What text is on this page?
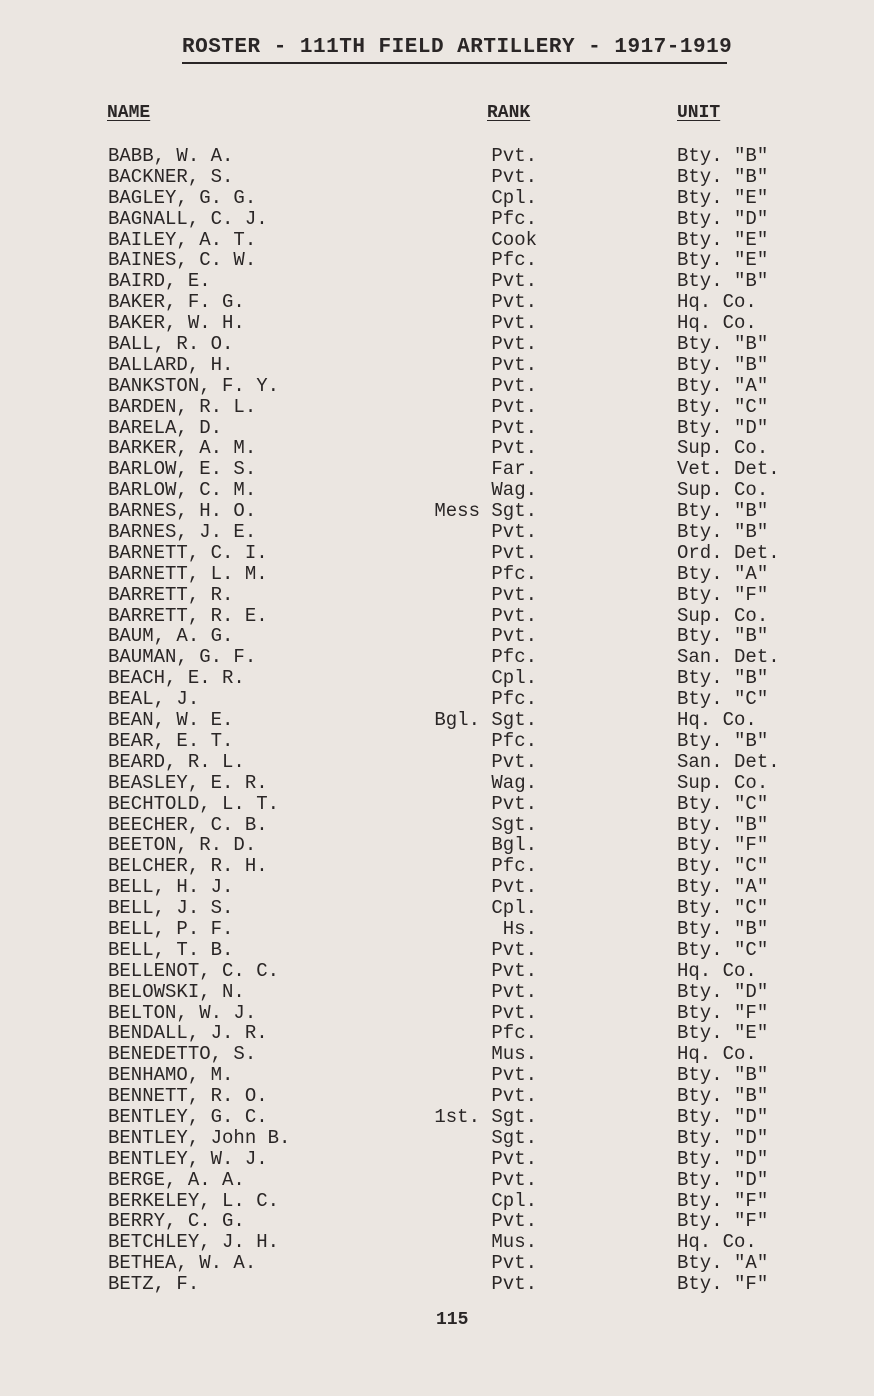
ROSTER - 111TH FIELD ARTILLERY - 1917-1919
NAME	RANK	UNIT
BABB, W. A.	Pvt.	Bty. "B"
BACKNER, S.	Pvt.	Bty. "B"
BAGLEY, G. G.	Cpl.	Bty. "E"
BAGNALL, C. J.	Pfc.	Bty. "D"
BAILEY, A. T.	Cook	Bty. "E"
BAINES, C. W.	Pfc.	Bty. "E"
BAIRD, E.	Pvt.	Bty. "B"
BAKER, F. G.	Pvt.	Hq. Co.
BAKER, W. H.	Pvt.	Hq. Co.
BALL, R. O.	Pvt.	Bty. "B"
BALLARD, H.	Pvt.	Bty. "B"
BANKSTON, F. Y.	Pvt.	Bty. "A"
BARDEN, R. L.	Pvt.	Bty. "C"
BARELA, D.	Pvt.	Bty. "D"
BARKER, A. M.	Pvt.	Sup. Co.
BARLOW, E. S.	Far.	Vet. Det.
BARLOW, C. M.	Wag.	Sup. Co.
BARNES, H. O.	Mess Sgt.	Bty. "B"
BARNES, J. E.	Pvt.	Bty. "B"
BARNETT, C. I.	Pvt.	Ord. Det.
BARNETT, L. M.	Pfc.	Bty. "A"
BARRETT, R.	Pvt.	Bty. "F"
BARRETT, R. E.	Pvt.	Sup. Co.
BAUM, A. G.	Pvt.	Bty. "B"
BAUMAN, G. F.	Pfc.	San. Det.
BEACH, E. R.	Cpl.	Bty. "B"
BEAL, J.	Pfc.	Bty. "C"
BEAN, W. E.	Bgl. Sgt.	Hq. Co.
BEAR, E. T.	Pfc.	Bty. "B"
BEARD, R. L.	Pvt.	San. Det.
BEASLEY, E. R.	Wag.	Sup. Co.
BECHTOLD, L. T.	Pvt.	Bty. "C"
BEECHER, C. B.	Sgt.	Bty. "B"
BEETON, R. D.	Bgl.	Bty. "F"
BELCHER, R. H.	Pfc.	Bty. "C"
BELL, H. J.	Pvt.	Bty. "A"
BELL, J. S.	Cpl.	Bty. "C"
BELL, P. F.	Hs.	Bty. "B"
BELL, T. B.	Pvt.	Bty. "C"
BELLENOT, C. C.	Pvt.	Hq. Co.
BELOWSKI, N.	Pvt.	Bty. "D"
BELTON, W. J.	Pvt.	Bty. "F"
BENDALL, J. R.	Pfc.	Bty. "E"
BENEDETTO, S.	Mus.	Hq. Co.
BENHAMO, M.	Pvt.	Bty. "B"
BENNETT, R. O.	Pvt.	Bty. "B"
BENTLEY, G. C.	1st. Sgt.	Bty. "D"
BENTLEY, John B.	Sgt.	Bty. "D"
BENTLEY, W. J.	Pvt.	Bty. "D"
BERGE, A. A.	Pvt.	Bty. "D"
BERKELEY, L. C.	Cpl.	Bty. "F"
BERRY, C. G.	Pvt.	Bty. "F"
BETCHLEY, J. H.	Mus.	Hq. Co.
BETHEA, W. A.	Pvt.	Bty. "A"
BETZ, F.	Pvt.	Bty. "F"
115
